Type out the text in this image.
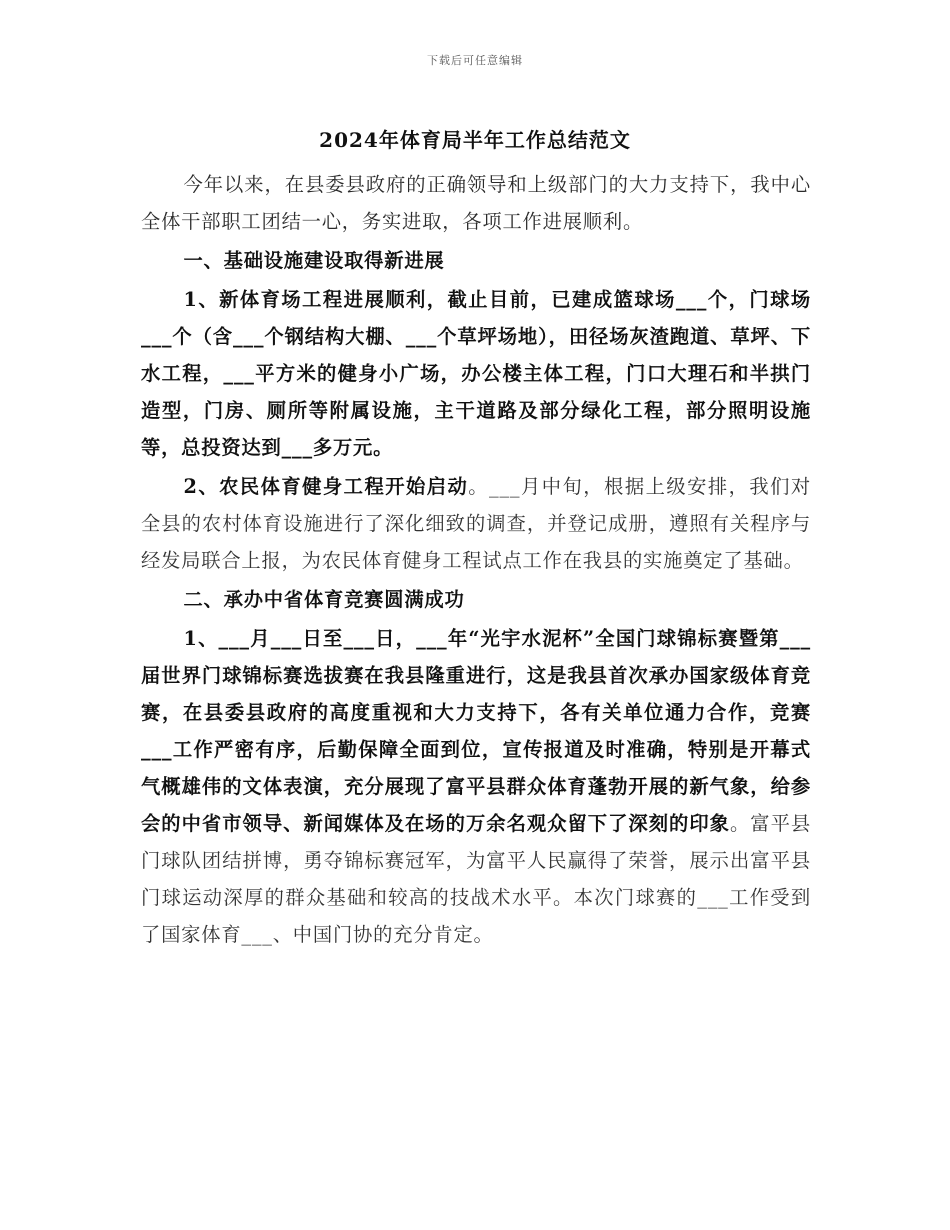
下载后可任意编辑
2024年体育局半年工作总结范文

今年以来，在县委县政府的正确领导和上级部门的大力支持下，我中心全体干部职工团结一心，务实进取，各项工作进展顺利。

一、基础设施建设取得新进展

1、新体育场工程进展顺利，截止目前，已建成篮球场___个，门球场___个（含___个钢结构大棚、___个草坪场地），田径场灰渣跑道、草坪、下水工程，___平方米的健身小广场，办公楼主体工程，门口大理石和半拱门造型，门房、厕所等附属设施，主干道路及部分绿化工程，部分照明设施等，总投资达到___多万元。

2、农民体育健身工程开始启动。___月中旬，根据上级安排，我们对全县的农村体育设施进行了深化细致的调查，并登记成册，遵照有关程序与经发局联合上报，为农民体育健身工程试点工作在我县的实施奠定了基础。

二、承办中省体育竞赛圆满成功

1、___月___日至___日，___年“光宇水泥杯”全国门球锦标赛暨第___届世界门球锦标赛选拔赛在我县隆重进行，这是我县首次承办国家级体育竞赛，在县委县政府的高度重视和大力支持下，各有关单位通力合作，竞赛___工作严密有序，后勤保障全面到位，宣传报道及时准确，特别是开幕式气概雄伟的文体表演，充分展现了富平县群众体育蓬勃开展的新气象，给参会的中省市领导、新闻媒体及在场的万余名观众留下了深刻的印象。富平县门球队团结拼博，勇夺锦标赛冠军，为富平人民赢得了荣誉，展示出富平县门球运动深厚的群众基础和较高的技战术水平。本次门球赛的___工作受到了国家体育___、中国门协的充分肯定。
